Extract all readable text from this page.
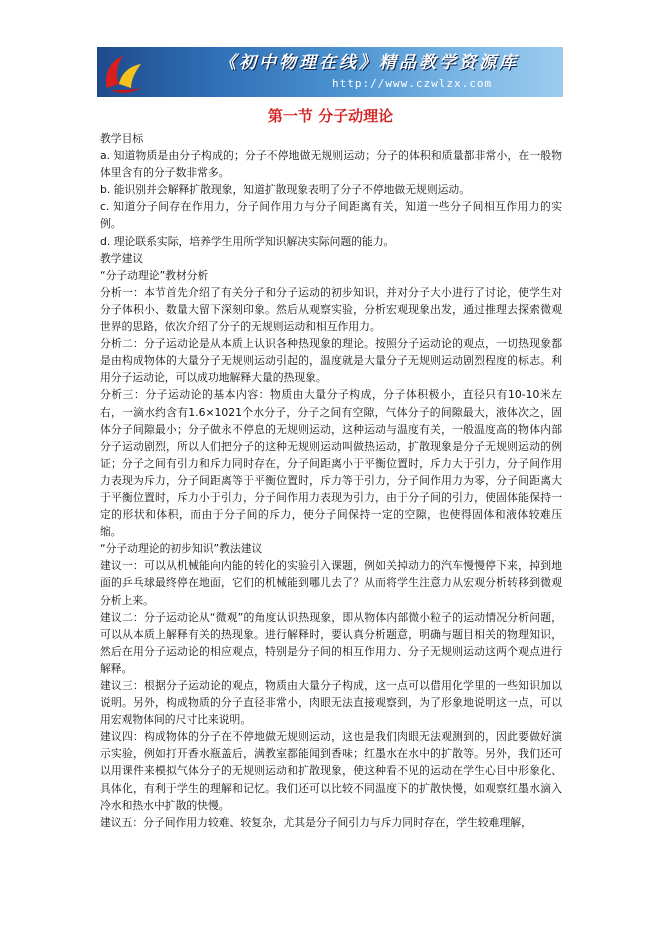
《初中物理在线》精品教学资源库
http://www.czwlzx.com
第一节 分子动理论

教学目标

a. 知道物质是由分子构成的；分子不停地做无规则运动；分子的体积和质量都非常小，在一般物体里含有的分子数非常多。

b. 能识别并会解释扩散现象，知道扩散现象表明了分子不停地做无规则运动。

c. 知道分子间存在作用力，分子间作用力与分子间距离有关，知道一些分子间相互作用力的实例。

d. 理论联系实际，培养学生用所学知识解决实际问题的能力。

教学建议

“分子动理论”教材分析

分析一：本节首先介绍了有关分子和分子运动的初步知识，并对分子大小进行了讨论，使学生对分子体积小、数量大留下深刻印象。然后从观察实验，分析宏观现象出发，通过推理去探索微观世界的思路，依次介绍了分子的无规则运动和相互作用力。

分析二：分子运动论是从本质上认识各种热现象的理论。按照分子运动论的观点，一切热现象都是由构成物体的大量分子无规则运动引起的，温度就是大量分子无规则运动剧烈程度的标志。利用分子运动论，可以成功地解释大量的热现象。

分析三：分子运动论的基本内容：物质由大量分子构成，分子体积极小，直径只有10-10米左右，一滴水约含有1.6×1021个水分子，分子之间有空隙，气体分子的间隙最大，液体次之，固体分子间隙最小；分子做永不停息的无规则运动，这种运动与温度有关，一般温度高的物体内部分子运动剧烈，所以人们把分子的这种无规则运动叫做热运动，扩散现象是分子无规则运动的例证；分子之间有引力和斥力同时存在，分子间距离小于平衡位置时，斥力大于引力，分子间作用力表现为斥力，分子间距离等于平衡位置时，斥力等于引力，分子间作用力为零，分子间距离大于平衡位置时，斥力小于引力，分子间作用力表现为引力，由于分子间的引力，使固体能保持一定的形状和体积，而由于分子间的斥力，使分子间保持一定的空隙，也使得固体和液体较难压缩。

“分子动理论的初步知识”教法建议

建议一：可以从机械能向内能的转化的实验引入课题，例如关掉动力的汽车慢慢停下来，掉到地面的乒乓球最终停在地面，它们的机械能到哪儿去了？从而将学生注意力从宏观分析转移到微观分析上来。

建议二：分子运动论从“微观”的角度认识热现象，即从物体内部微小粒子的运动情况分析问题，可以从本质上解释有关的热现象。进行解释时，要认真分析题意，明确与题目相关的物理知识，然后在用分子运动论的相应观点，特别是分子间的相互作用力、分子无规则运动这两个观点进行解释。

建议三：根据分子运动论的观点，物质由大量分子构成，这一点可以借用化学里的一些知识加以说明。另外，构成物质的分子直径非常小，肉眼无法直接观察到，为了形象地说明这一点，可以用宏观物体间的尺寸比来说明。

建议四：构成物体的分子在不停地做无规则运动，这也是我们肉眼无法观测到的，因此要做好演示实验，例如打开香水瓶盖后，满教室都能闻到香味；红墨水在水中的扩散等。另外，我们还可以用课件来模拟气体分子的无规则运动和扩散现象，使这种看不见的运动在学生心目中形象化、具体化，有利于学生的理解和记忆。我们还可以比较不同温度下的扩散快慢，如观察红墨水滴入冷水和热水中扩散的快慢。

建议五：分子间作用力较难、较复杂，尤其是分子间引力与斥力同时存在，学生较难理解，
